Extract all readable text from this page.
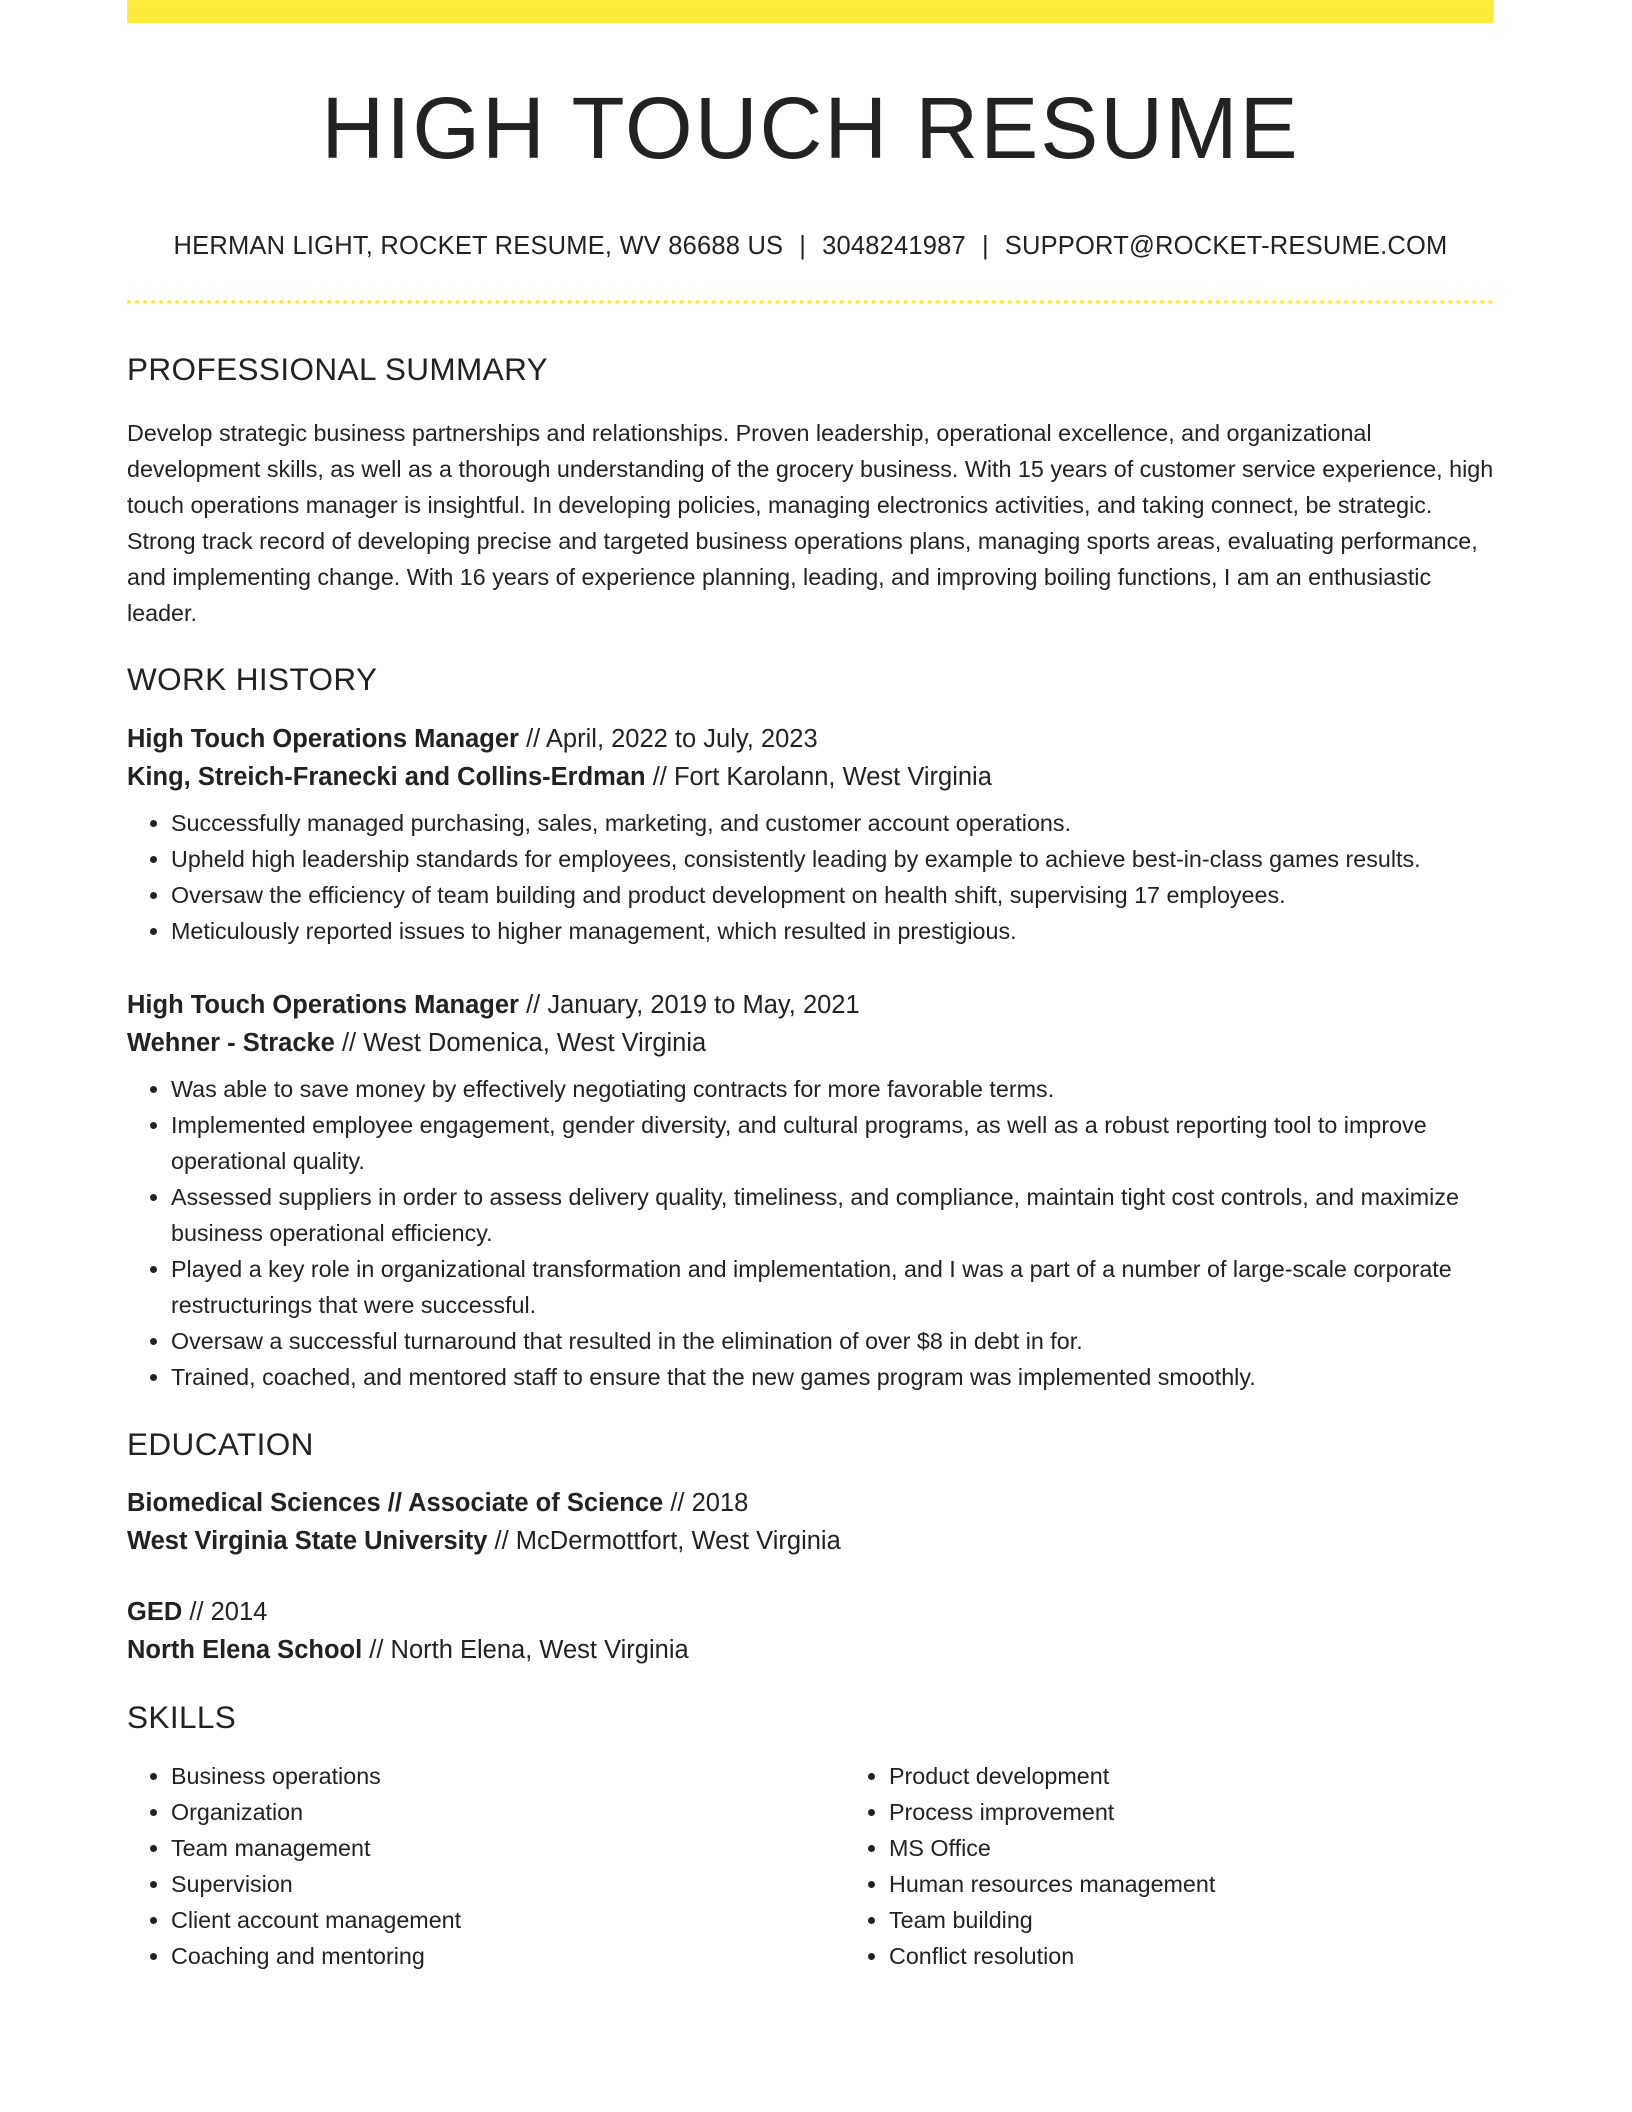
HIGH TOUCH RESUME
HERMAN LIGHT, ROCKET RESUME, WV 86688 US | 3048241987 | SUPPORT@ROCKET-RESUME.COM
PROFESSIONAL SUMMARY

Develop strategic business partnerships and relationships. Proven leadership, operational excellence, and organizational development skills, as well as a thorough understanding of the grocery business. With 15 years of customer service experience, high touch operations manager is insightful. In developing policies, managing electronics activities, and taking connect, be strategic. Strong track record of developing precise and targeted business operations plans, managing sports areas, evaluating performance, and implementing change. With 16 years of experience planning, leading, and improving boiling functions, I am an enthusiastic leader.

WORK HISTORY
High Touch Operations Manager // April, 2022 to July, 2023
King, Streich-Franecki and Collins-Erdman // Fort Karolann, West Virginia
• Successfully managed purchasing, sales, marketing, and customer account operations.
• Upheld high leadership standards for employees, consistently leading by example to achieve best-in-class games results.
• Oversaw the efficiency of team building and product development on health shift, supervising 17 employees.
• Meticulously reported issues to higher management, which resulted in prestigious.
High Touch Operations Manager // January, 2019 to May, 2021
Wehner - Stracke // West Domenica, West Virginia
• Was able to save money by effectively negotiating contracts for more favorable terms.
• Implemented employee engagement, gender diversity, and cultural programs, as well as a robust reporting tool to improve operational quality.
• Assessed suppliers in order to assess delivery quality, timeliness, and compliance, maintain tight cost controls, and maximize business operational efficiency.
• Played a key role in organizational transformation and implementation, and I was a part of a number of large-scale corporate restructurings that were successful.
• Oversaw a successful turnaround that resulted in the elimination of over $8 in debt in for.
• Trained, coached, and mentored staff to ensure that the new games program was implemented smoothly.
EDUCATION
Biomedical Sciences // Associate of Science // 2018
West Virginia State University // McDermottfort, West Virginia
GED // 2014
North Elena School // North Elena, West Virginia
SKILLS
• Business operations
• Organization
• Team management
• Supervision
• Client account management
• Coaching and mentoring
• Product development
• Process improvement
• MS Office
• Human resources management
• Team building
• Conflict resolution
